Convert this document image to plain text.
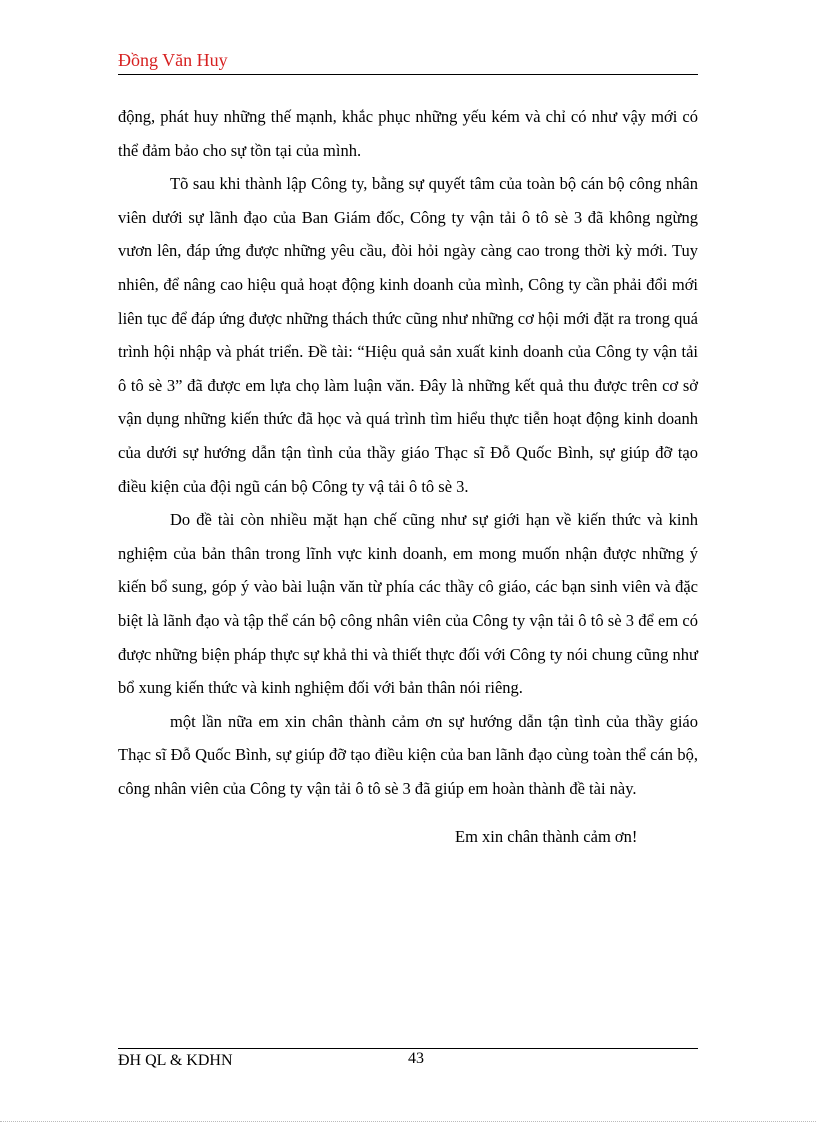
Đồng Văn Huy

động, phát huy những thế mạnh, khắc phục những yếu kém và chỉ có như vậy mới có thể đảm bảo cho sự tồn tại của mình.

Tõ sau khi thành lập Công ty, bằng sự quyết tâm của toàn bộ cán bộ công nhân viên dưới sự lãnh đạo của Ban Giám đốc, Công ty vận tải ô tô sè 3 đã không ngừng vươn lên, đáp ứng được những yêu cầu, đòi hỏi ngày càng cao trong thời kỳ mới. Tuy nhiên, để nâng cao hiệu quả hoạt động kinh doanh của mình, Công ty cần phải đổi mới liên tục để đáp ứng được những thách thức cũng như những cơ hội mới đặt ra trong quá trình hội nhập và phát triển. Đề tài: “Hiệu quả sản xuất kinh doanh của Công ty vận tải ô tô sè 3” đã được em lựa chọ làm luận văn. Đây là những kết quả thu được trên cơ sở vận dụng những kiến thức đã học và quá trình tìm hiểu thực tiễn hoạt động kinh doanh của dưới sự hướng dẫn tận tình của thầy giáo Thạc sĩ Đỗ Quốc Bình, sự giúp đỡ tạo điều kiện của đội ngũ cán bộ Công ty vậ tải ô tô sè 3.

Do đề tài còn nhiều mặt hạn chế cũng như sự giới hạn về kiến thức và kinh nghiệm của bản thân trong lĩnh vực kinh doanh, em mong muốn nhận được những ý kiến bổ sung, góp ý vào bài luận văn từ phía các thầy cô giáo, các bạn sinh viên và đặc biệt là lãnh đạo và tập thể cán bộ công nhân viên của Công ty vận tải ô tô sè 3 để em có được những biện pháp thực sự khả thi và thiết thực đối với Công ty nói chung cũng như bổ xung kiến thức và kinh nghiệm đối với bản thân nói riêng.

một lần nữa em xin chân thành cảm ơn sự hướng dẫn tận tình của thầy giáo Thạc sĩ Đỗ Quốc Bình, sự giúp đỡ tạo điều kiện của ban lãnh đạo cùng toàn thể cán bộ, công nhân viên của Công ty vận tải ô tô sè 3 đã giúp em hoàn thành đề tài này.

Em xin chân thành cảm ơn!
ĐH QL & KDHN	43
